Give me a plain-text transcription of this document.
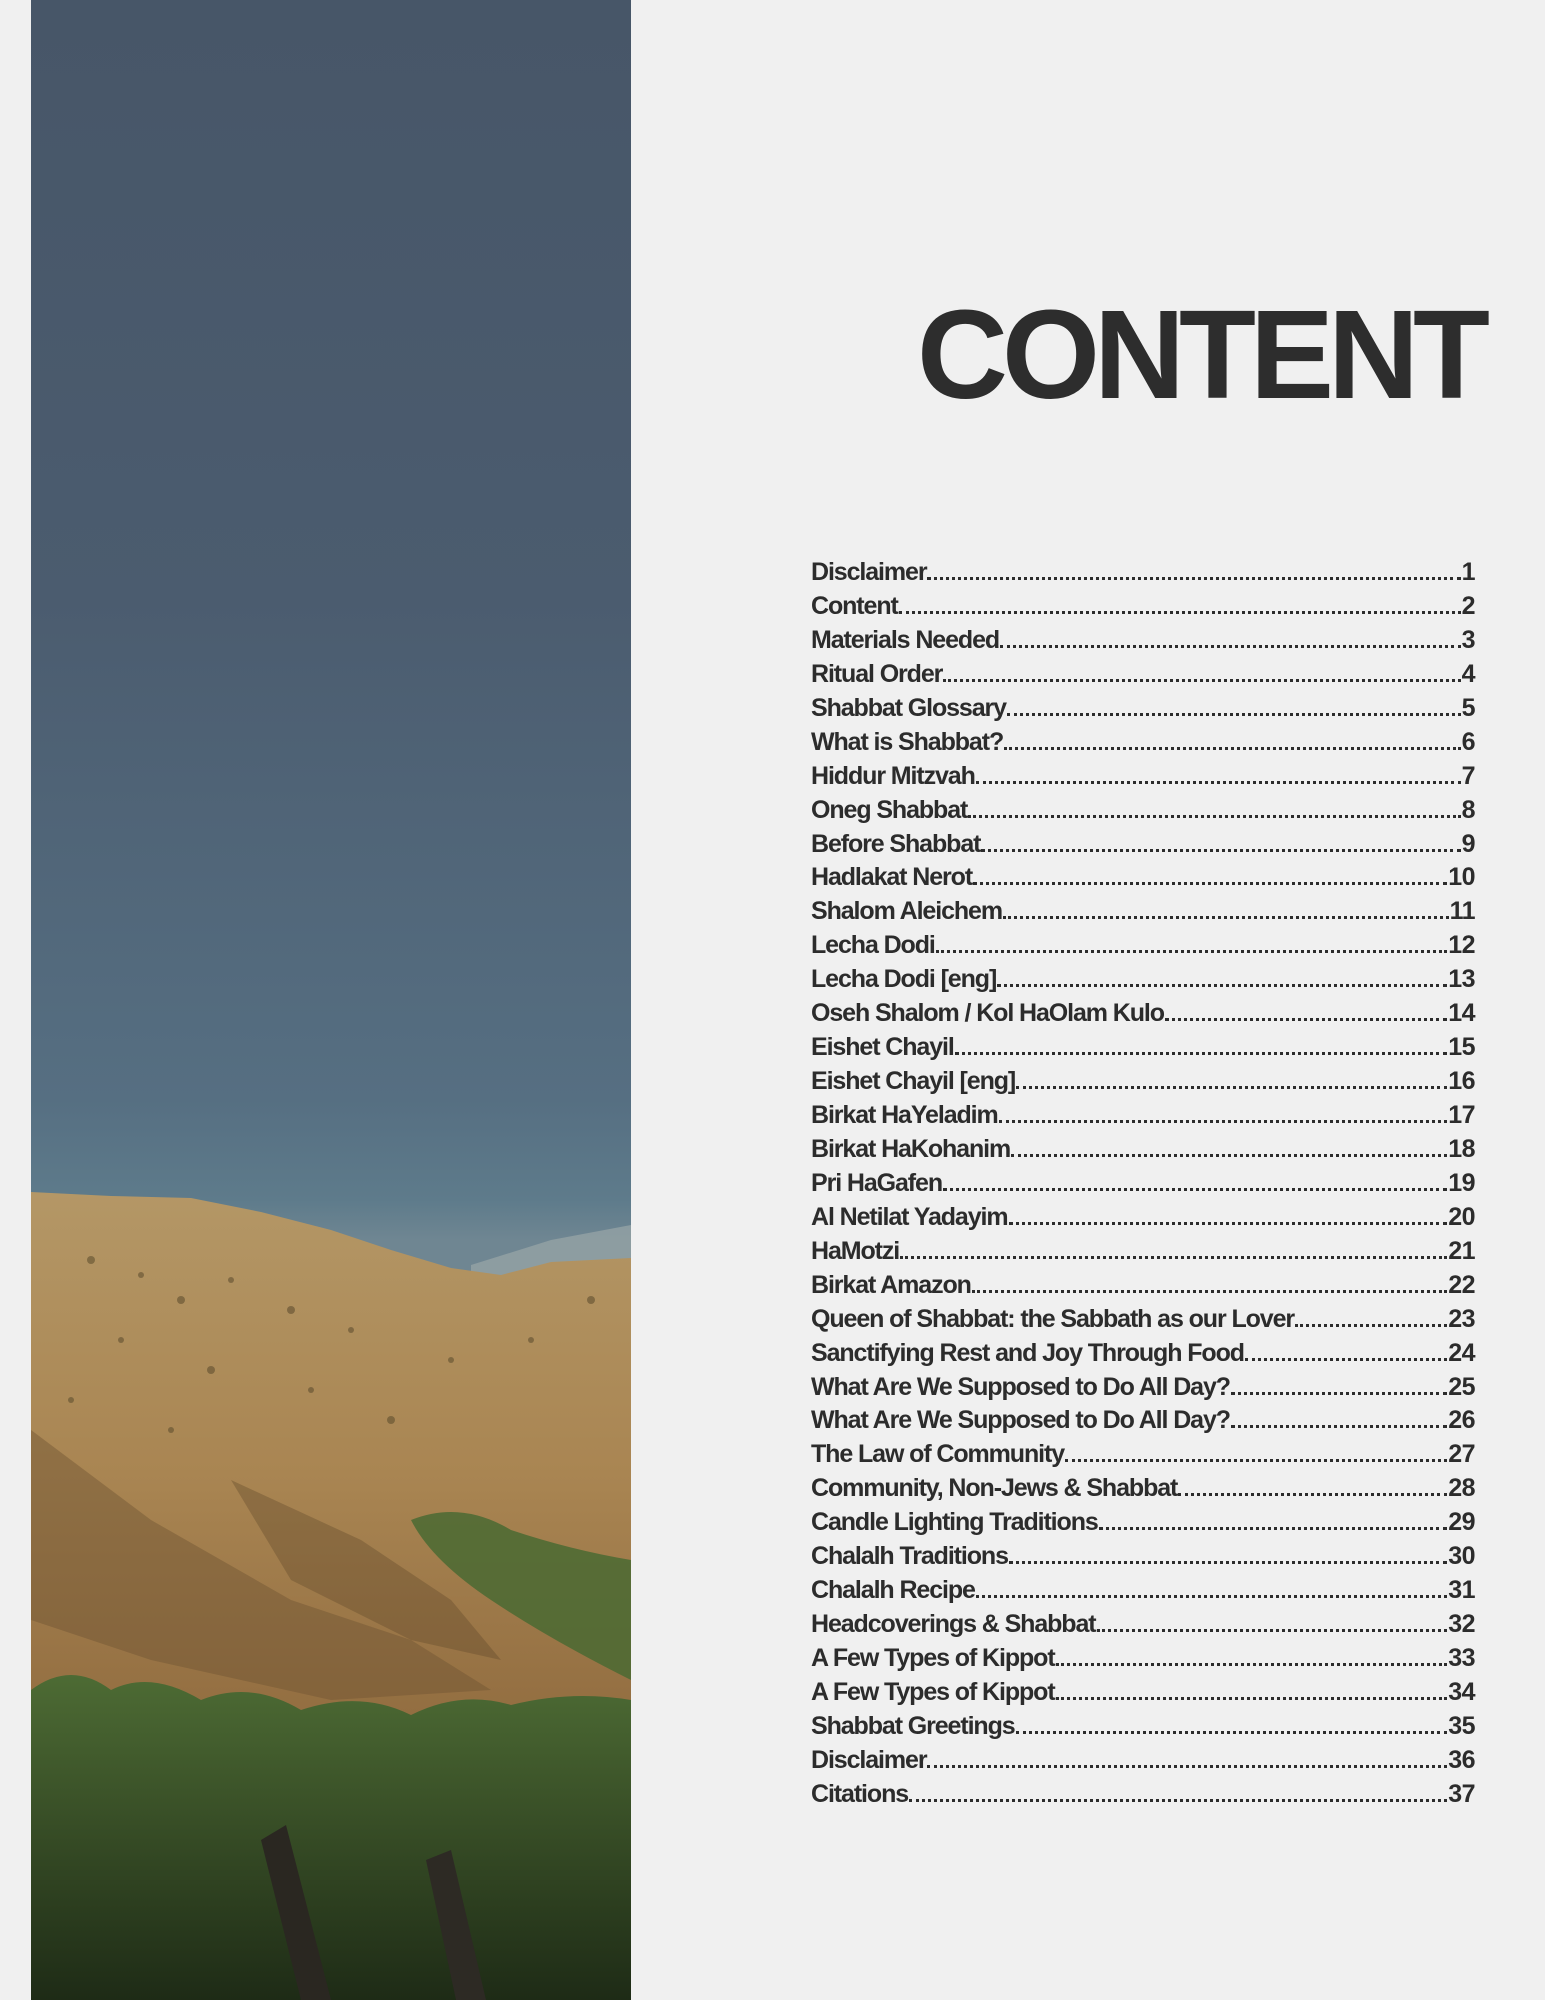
CONTENT
Disclaimer	1
Content	2
Materials Needed	3
Ritual Order	4
Shabbat Glossary	5
What is Shabbat?	6
Hiddur Mitzvah	7
Oneg Shabbat	8
Before Shabbat	9
Hadlakat Nerot	10
Shalom Aleichem	11
Lecha Dodi	12
Lecha Dodi [eng]	13
Oseh Shalom / Kol HaOlam Kulo	14
Eishet Chayil	15
Eishet Chayil [eng]	16
Birkat HaYeladim	17
Birkat HaKohanim	18
Pri HaGafen	19
Al Netilat Yadayim	20
HaMotzi	21
Birkat Amazon	22
Queen of Shabbat: the Sabbath as our Lover	23
Sanctifying Rest and Joy Through Food	24
What Are We Supposed to Do All Day?	25
What Are We Supposed to Do All Day?	26
The Law of Community	27
Community, Non-Jews & Shabbat	28
Candle Lighting Traditions	29
Chalalh Traditions	30
Chalalh Recipe	31
Headcoverings & Shabbat	32
A Few Types of Kippot	33
A Few Types of Kippot	34
Shabbat Greetings	35
Disclaimer	36
Citations	37
